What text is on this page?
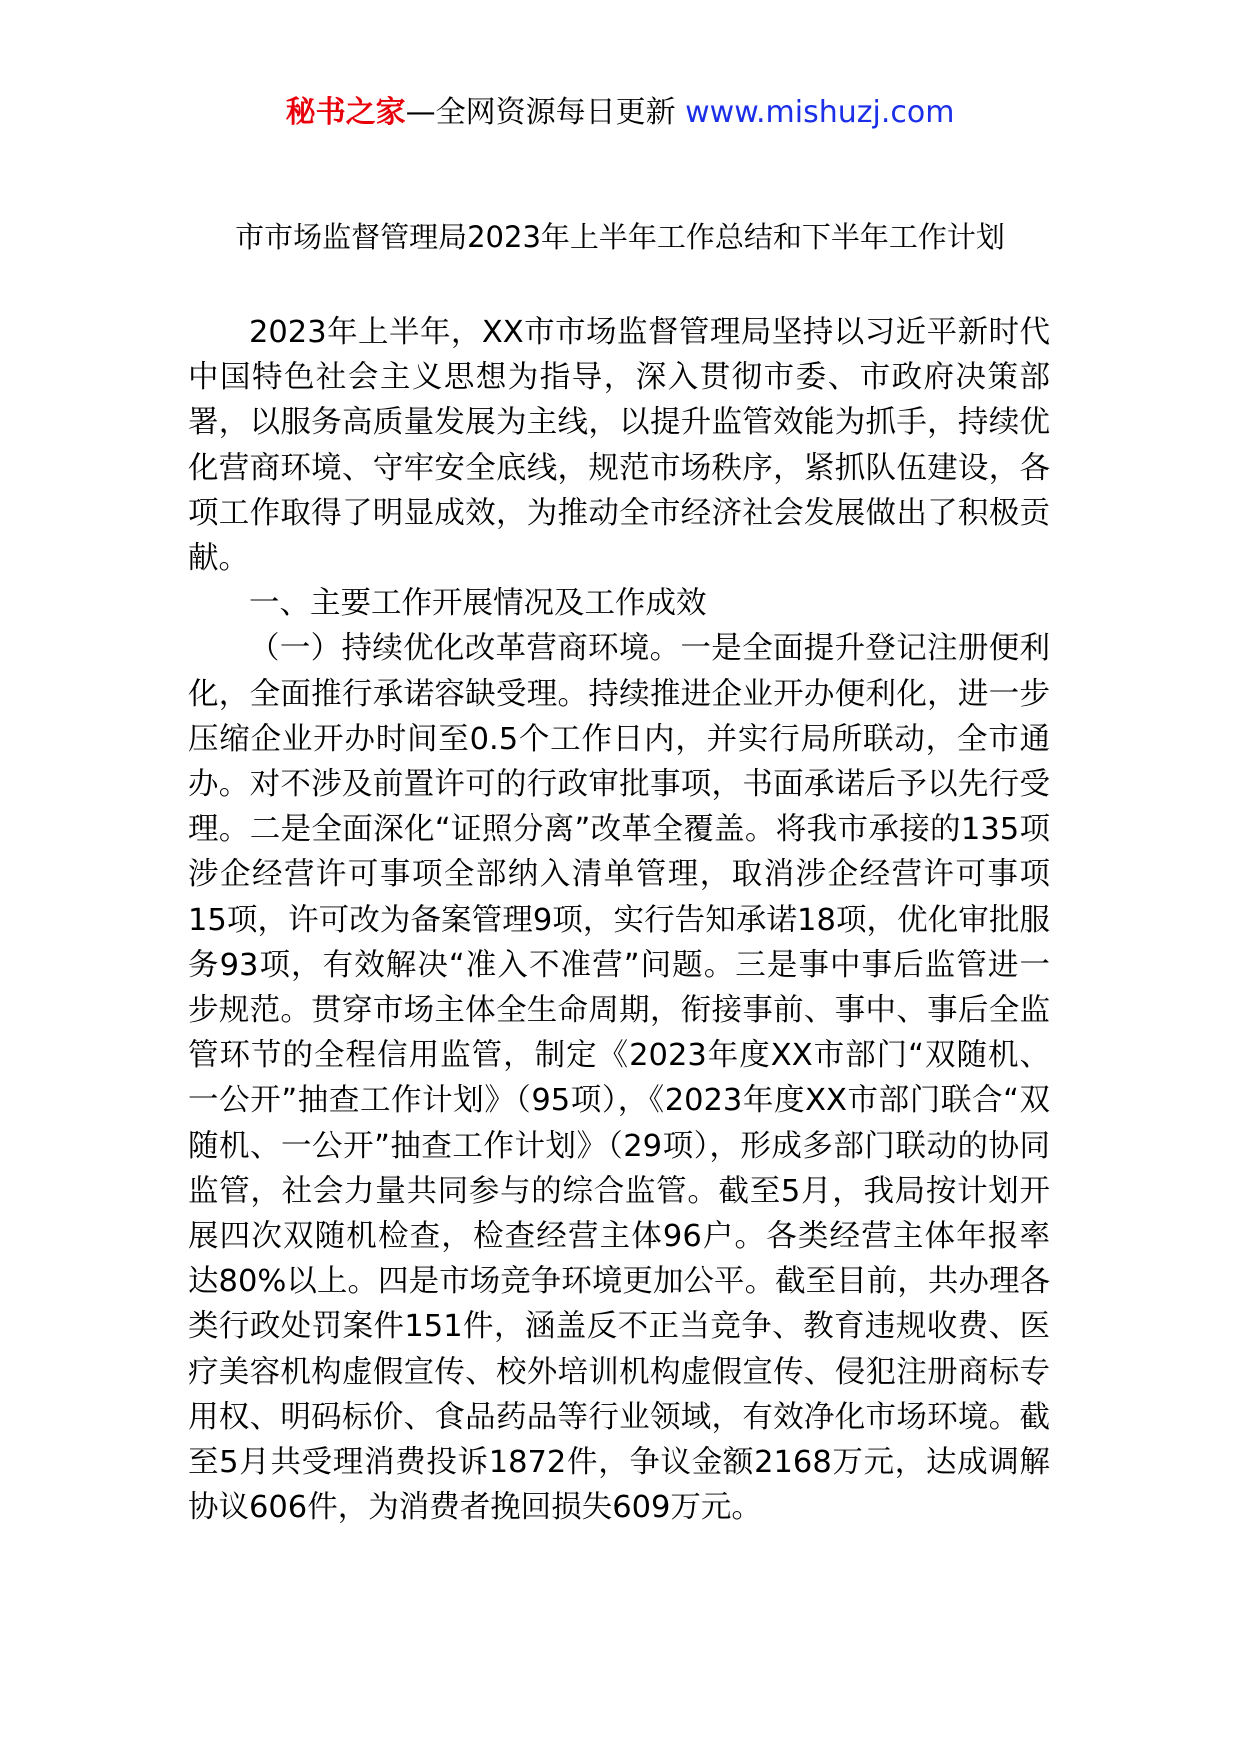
秘书之家—全网资源每日更新 www.mishuzj.com
市市场监督管理局2023年上半年工作总结和下半年工作计划

2023年上半年，XX市市场监督管理局坚持以习近平新时代中国特色社会主义思想为指导，深入贯彻市委、市政府决策部署，以服务高质量发展为主线，以提升监管效能为抓手，持续优化营商环境、守牢安全底线，规范市场秩序，紧抓队伍建设，各项工作取得了明显成效，为推动全市经济社会发展做出了积极贡献。

一、主要工作开展情况及工作成效

（一）持续优化改革营商环境。一是全面提升登记注册便利化，全面推行承诺容缺受理。持续推进企业开办便利化，进一步压缩企业开办时间至0.5个工作日内，并实行局所联动，全市通办。对不涉及前置许可的行政审批事项，书面承诺后予以先行受理。二是全面深化“证照分离”改革全覆盖。将我市承接的135项涉企经营许可事项全部纳入清单管理，取消涉企经营许可事项15项，许可改为备案管理9项，实行告知承诺18项，优化审批服务93项，有效解决“准入不准营”问题。三是事中事后监管进一步规范。贯穿市场主体全生命周期，衔接事前、事中、事后全监管环节的全程信用监管，制定《2023年度XX市部门“双随机、一公开”抽查工作计划》（95项），《2023年度XX市部门联合“双随机、一公开”抽查工作计划》（29项），形成多部门联动的协同监管，社会力量共同参与的综合监管。截至5月，我局按计划开展四次双随机检查，检查经营主体96户。各类经营主体年报率达80%以上。四是市场竞争环境更加公平。截至目前，共办理各类行政处罚案件151件，涵盖反不正当竞争、教育违规收费、医疗美容机构虚假宣传、校外培训机构虚假宣传、侵犯注册商标专用权、明码标价、食品药品等行业领域，有效净化市场环境。截至5月共受理消费投诉1872件，争议金额2168万元，达成调解协议606件，为消费者挽回损失609万元。
